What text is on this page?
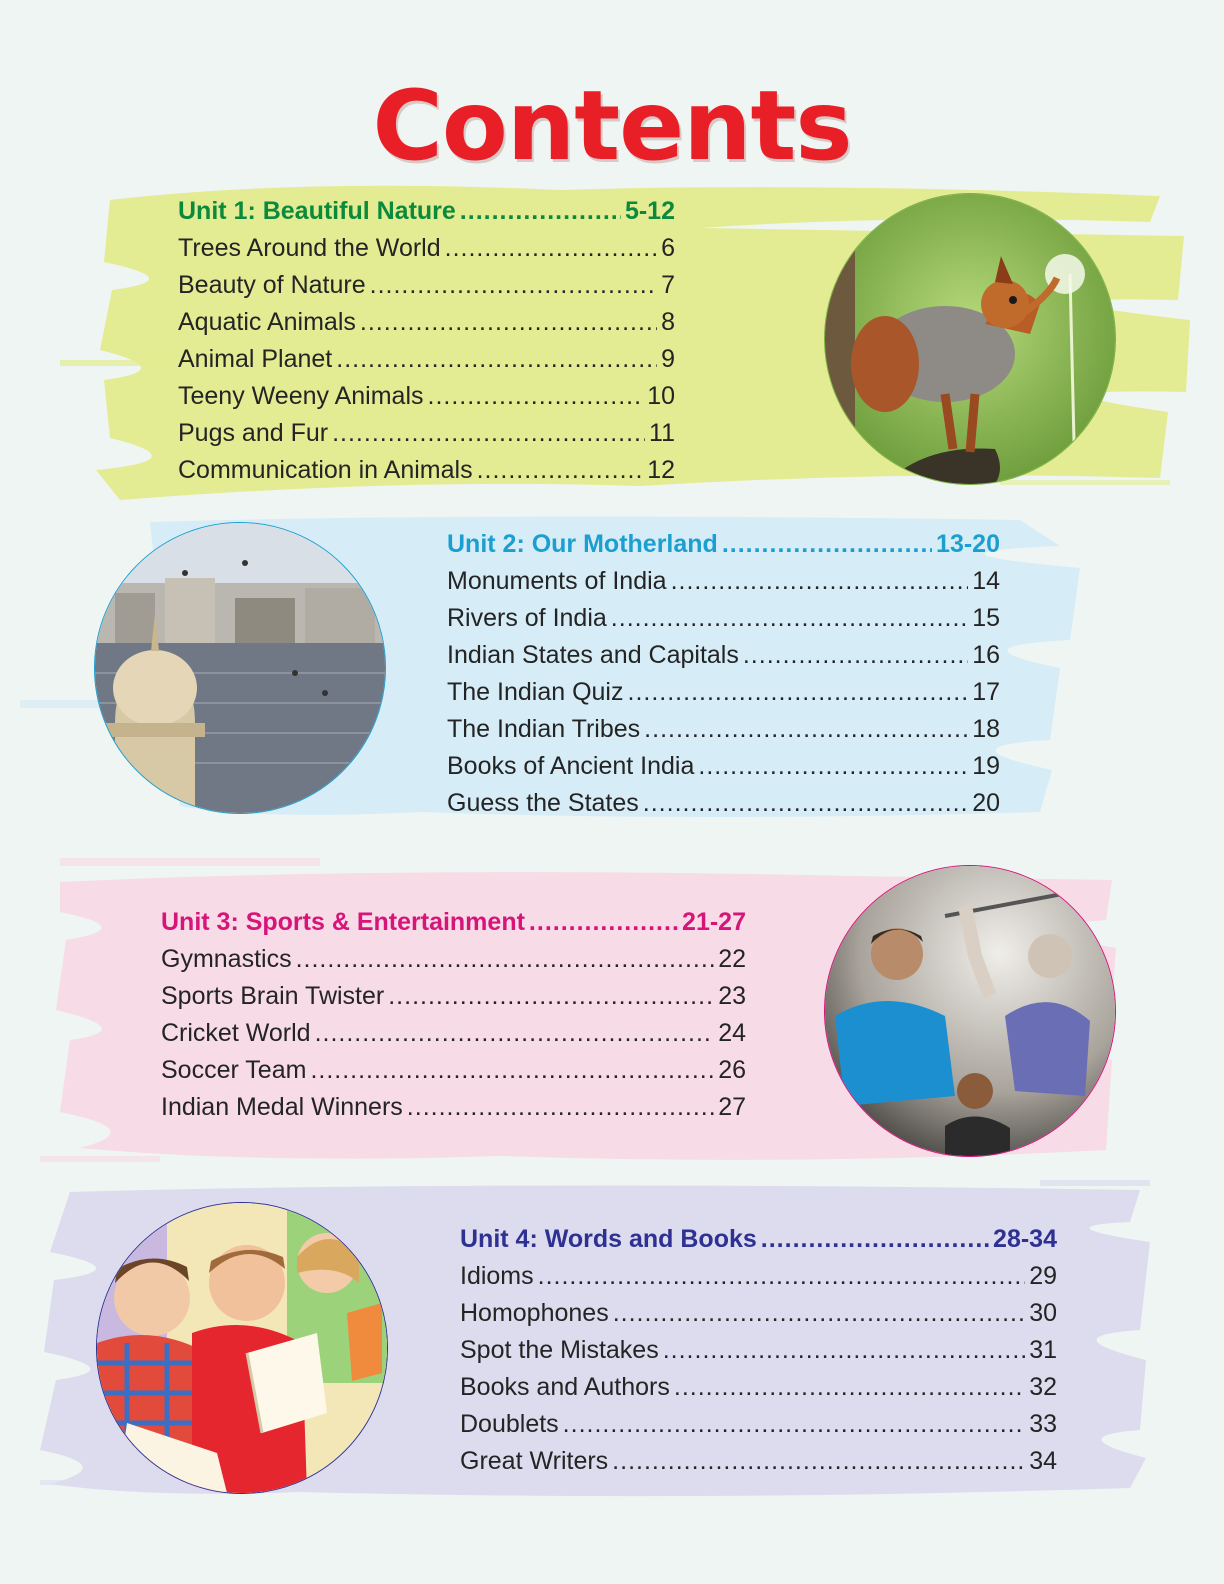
Contents
Unit 1: Beautiful Nature .....	5-12
Trees Around the World .....	6
Beauty of Nature .....	7
Aquatic Animals .....	8
Animal Planet .....	9
Teeny Weeny Animals .....	10
Pugs and Fur .....	11
Communication in Animals .....	12
Unit 2: Our Motherland .....	13-20
Monuments of India .....	14
Rivers of India .....	15
Indian States and Capitals .....	16
The Indian Quiz .....	17
The Indian Tribes .....	18
Books of Ancient India .....	19
Guess the States .....	20
Unit 3: Sports & Entertainment .....	21-27
Gymnastics .....	22
Sports Brain Twister .....	23
Cricket World .....	24
Soccer Team .....	26
Indian Medal Winners .....	27
Unit 4: Words and Books .....	28-34
Idioms .....	29
Homophones .....	30
Spot the Mistakes .....	31
Books and Authors .....	32
Doublets .....	33
Great Writers .....	34
